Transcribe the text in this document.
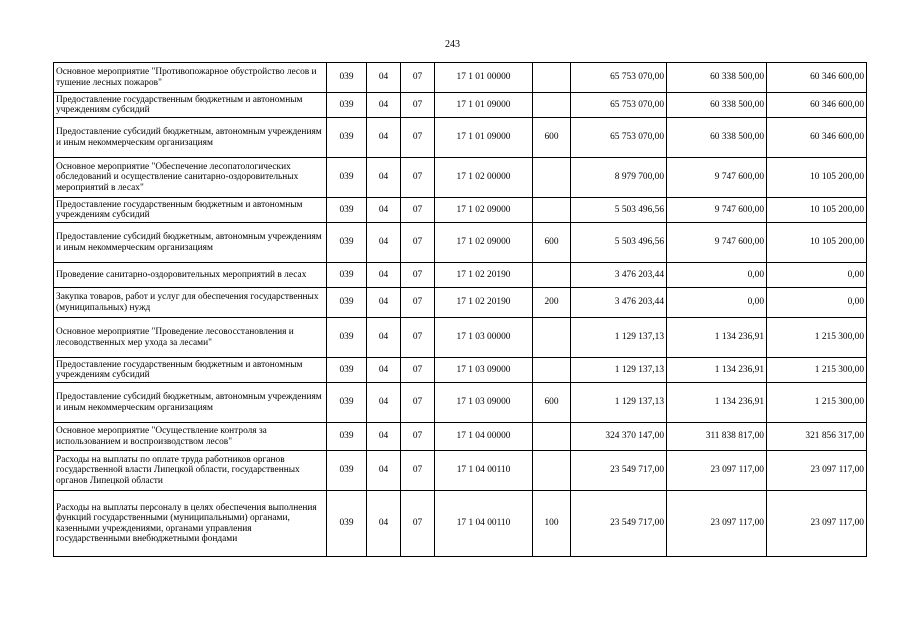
243
Основное мероприятие "Противопожарное обустройство лесов и тушение лесных пожаров"	039	04	07	17 1 01 00000		65 753 070,00	60 338 500,00	60 346 600,00
Предоставление государственным бюджетным и автономным учреждениям субсидий	039	04	07	17 1 01 09000		65 753 070,00	60 338 500,00	60 346 600,00
Предоставление субсидий бюджетным, автономным учреждениям и иным некоммерческим организациям	039	04	07	17 1 01 09000	600	65 753 070,00	60 338 500,00	60 346 600,00
Основное мероприятие "Обеспечение лесопатологических обследований и осуществление санитарно-оздоровительных мероприятий в лесах"	039	04	07	17 1 02 00000		8 979 700,00	9 747 600,00	10 105 200,00
Предоставление государственным бюджетным и автономным учреждениям субсидий	039	04	07	17 1 02 09000		5 503 496,56	9 747 600,00	10 105 200,00
Предоставление субсидий бюджетным, автономным учреждениям и иным некоммерческим организациям	039	04	07	17 1 02 09000	600	5 503 496,56	9 747 600,00	10 105 200,00
Проведение санитарно-оздоровительных мероприятий в лесах	039	04	07	17 1 02 20190		3 476 203,44	0,00	0,00
Закупка товаров, работ и услуг для обеспечения государственных (муниципальных) нужд	039	04	07	17 1 02 20190	200	3 476 203,44	0,00	0,00
Основное мероприятие "Проведение лесовосстановления и лесоводственных мер ухода за лесами"	039	04	07	17 1 03 00000		1 129 137,13	1 134 236,91	1 215 300,00
Предоставление государственным бюджетным и автономным учреждениям субсидий	039	04	07	17 1 03 09000		1 129 137,13	1 134 236,91	1 215 300,00
Предоставление субсидий бюджетным, автономным учреждениям и иным некоммерческим организациям	039	04	07	17 1 03 09000	600	1 129 137,13	1 134 236,91	1 215 300,00
Основное мероприятие "Осуществление контроля за использованием и воспроизводством лесов"	039	04	07	17 1 04 00000		324 370 147,00	311 838 817,00	321 856 317,00
Расходы на выплаты по оплате труда работников органов государственной власти Липецкой области, государственных органов Липецкой области	039	04	07	17 1 04 00110		23 549 717,00	23 097 117,00	23 097 117,00
Расходы на выплаты персоналу в целях обеспечения выполнения функций государственными (муниципальными) органами, казенными учреждениями, органами управления государственными внебюджетными фондами	039	04	07	17 1 04 00110	100	23 549 717,00	23 097 117,00	23 097 117,00
